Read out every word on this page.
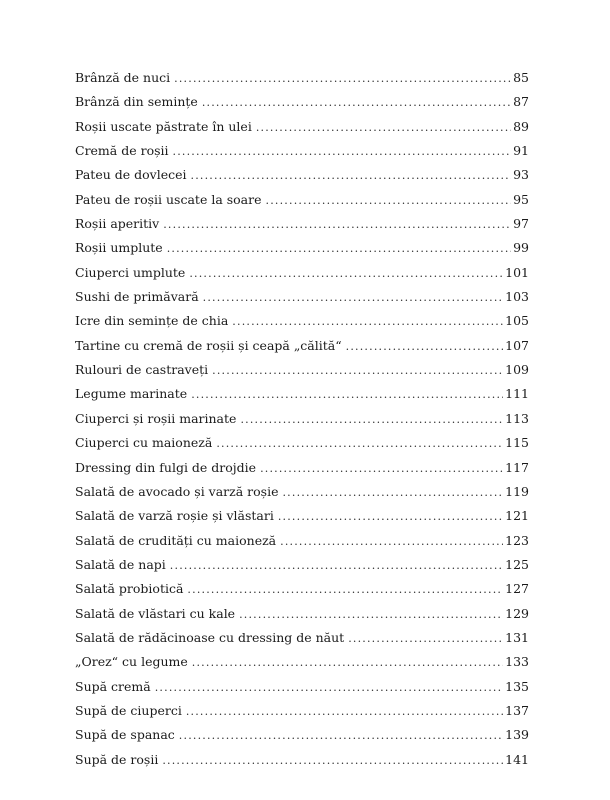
Brânză de nuci .....	85
Brânză din semințe .....	87
Roșii uscate păstrate în ulei .....	89
Cremă de roșii .....	91
Pateu de dovlecei .....	93
Pateu de roșii uscate la soare .....	95
Roșii aperitiv .....	97
Roșii umplute .....	99
Ciuperci umplute .....	101
Sushi de primăvară .....	103
Icre din semințe de chia .....	105
Tartine cu cremă de roșii și ceapă „călită“ .....	107
Rulouri de castraveți .....	109
Legume marinate .....	111
Ciuperci și roșii marinate .....	113
Ciuperci cu maioneză .....	115
Dressing din fulgi de drojdie .....	117
Salată de avocado și varză roșie .....	119
Salată de varză roșie și vlăstari .....	121
Salată de crudități cu maioneză .....	123
Salată de napi .....	125
Salată probiotică .....	127
Salată de vlăstari cu kale .....	129
Salată de rădăcinoase cu dressing de năut .....	131
„Orez“ cu legume .....	133
Supă cremă .....	135
Supă de ciuperci .....	137
Supă de spanac .....	139
Supă de roșii .....	141
